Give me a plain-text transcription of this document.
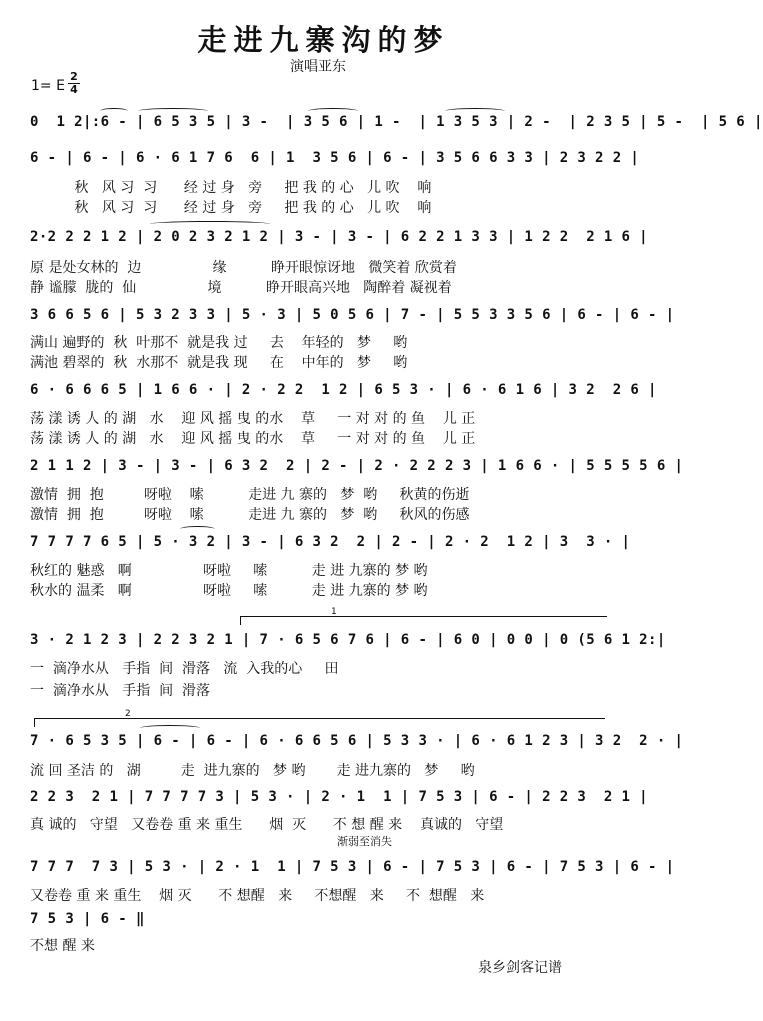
走进九寨沟的梦
演唱亚东
1= E
2
4
0  1 2|:6 - | 6 5 3 5 | 3 -  | 3 5 6 | 1 -  | 1 3 5 3 | 2 -  | 2 3 5 | 5 -  | 5 6 |
6 - | 6 - | 6 · 6 1 7 6  6 | 1  3 5 6 | 6 - | 3 5 6 6 3 3 | 2 3 2 2 |
秋   风 习  习      经 过 身   旁     把 我 的 心   儿 吹    响
秋   风 习  习      经 过 身   旁     把 我 的 心   儿 吹    响
2·2 2 2 1 2 | 2 0 2 3 2 1 2 | 3 - | 3 - | 6 2 2 1 3 3 | 1 2 2  2 1 6 |
原 是处女林的  边                缘          睁开眼惊讶地   微笑着 欣赏着
静 谧朦  胧的  仙                境          睁开眼高兴地   陶醉着 凝视着
3 6 6 5 6 | 5 3 2 3 3 | 5 · 3 | 5 0 5 6 | 7 - | 5 5 3 3 5 6 | 6 - | 6 - |
满山 遍野的  秋  叶那不  就是我 过     去    年轻的   梦     哟
满池 碧翠的  秋  水那不  就是我 现     在    中年的   梦     哟
6 · 6 6 6 5 | 1 6 6 · | 2 · 2 2  1 2 | 6 5 3 · | 6 · 6 1 6 | 3 2  2 6 |
荡 漾 诱 人 的 湖   水    迎 风 摇 曳 的水    草     一 对 对 的 鱼    儿 正
荡 漾 诱 人 的 湖   水    迎 风 摇 曳 的水    草     一 对 对 的 鱼    儿 正
2 1 1 2 | 3 - | 3 - | 6 3 2  2 | 2 - | 2 · 2 2 2 3 | 1 6 6 · | 5 5 5 5 6 |
激情  拥  抱         呀啦    嗦          走进 九 寨的   梦  哟     秋黄的伤逝
激情  拥  抱         呀啦    嗦          走进 九 寨的   梦  哟     秋风的伤感
7 7 7 7 6 5 | 5 · 3 2 | 3 - | 6 3 2  2 | 2 - | 2 · 2  1 2 | 3  3 · |
秋红的 魅惑   啊                呀啦     嗦          走 进 九寨的 梦 哟
秋水的 温柔   啊                呀啦     嗦          走 进 九寨的 梦 哟
1
3 · 2 1 2 3 | 2 2 3 2 1 | 7 · 6 5 6 7 6 | 6 - | 6 0 | 0 0 | 0 (5 6 1 2:|
一  滴净水从   手指  间  滑落   流  入我的心     田
一  滴净水从   手指  间  滑落
2
7 · 6 5 3 5 | 6 - | 6 - | 6 · 6 6 5 6 | 5 3 3 · | 6 · 6 1 2 3 | 3 2  2 · |
流 回 圣洁 的   湖         走  进九寨的   梦 哟       走 进九寨的   梦     哟
2 2 3  2 1 | 7 7 7 7 3 | 5 3 · | 2 · 1  1 | 7 5 3 | 6 - | 2 2 3  2 1 |
真 诚的   守望   又卷卷 重 来 重生      烟  灭      不 想 醒 来    真诚的   守望
渐弱至消失
7 7 7  7 3 | 5 3 · | 2 · 1  1 | 7 5 3 | 6 - | 7 5 3 | 6 - | 7 5 3 | 6 - |
又卷卷 重 来 重生    烟 灭      不 想醒   来     不想醒   来     不  想醒   来
7 5 3 | 6 - ‖
不想 醒 来
泉乡剑客记谱
